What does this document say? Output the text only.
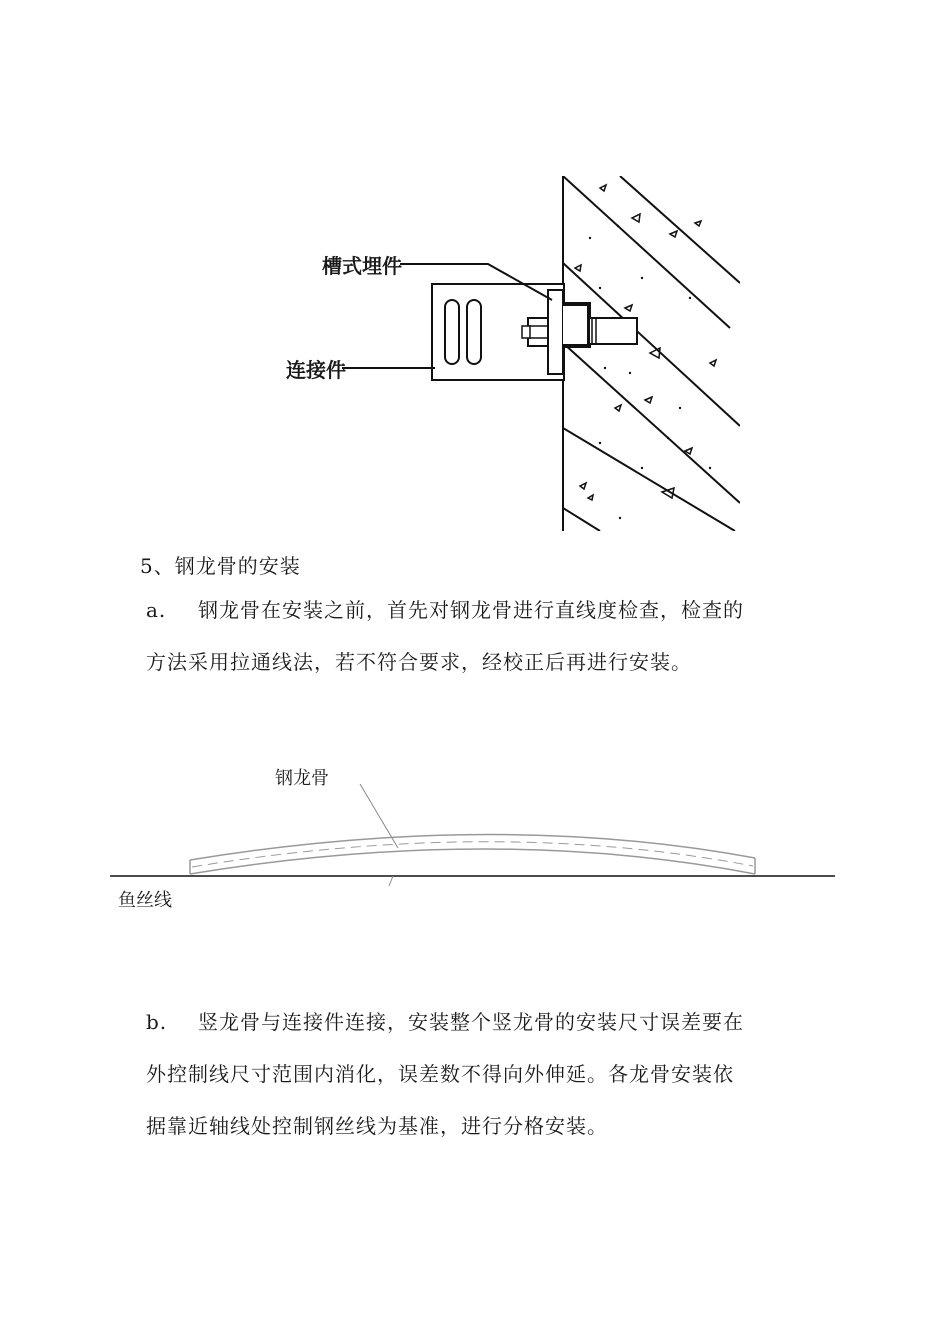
槽式埋件
连接件
5、钢龙骨的安装
a. 钢龙骨在安装之前，首先对钢龙骨进行直线度检查，检查的
方法采用拉通线法，若不符合要求，经校正后再进行安装。
钢龙骨
鱼丝线
b. 竖龙骨与连接件连接，安装整个竖龙骨的安装尺寸误差要在
外控制线尺寸范围内消化，误差数不得向外伸延。各龙骨安装依
据靠近轴线处控制钢丝线为基准，进行分格安装。
